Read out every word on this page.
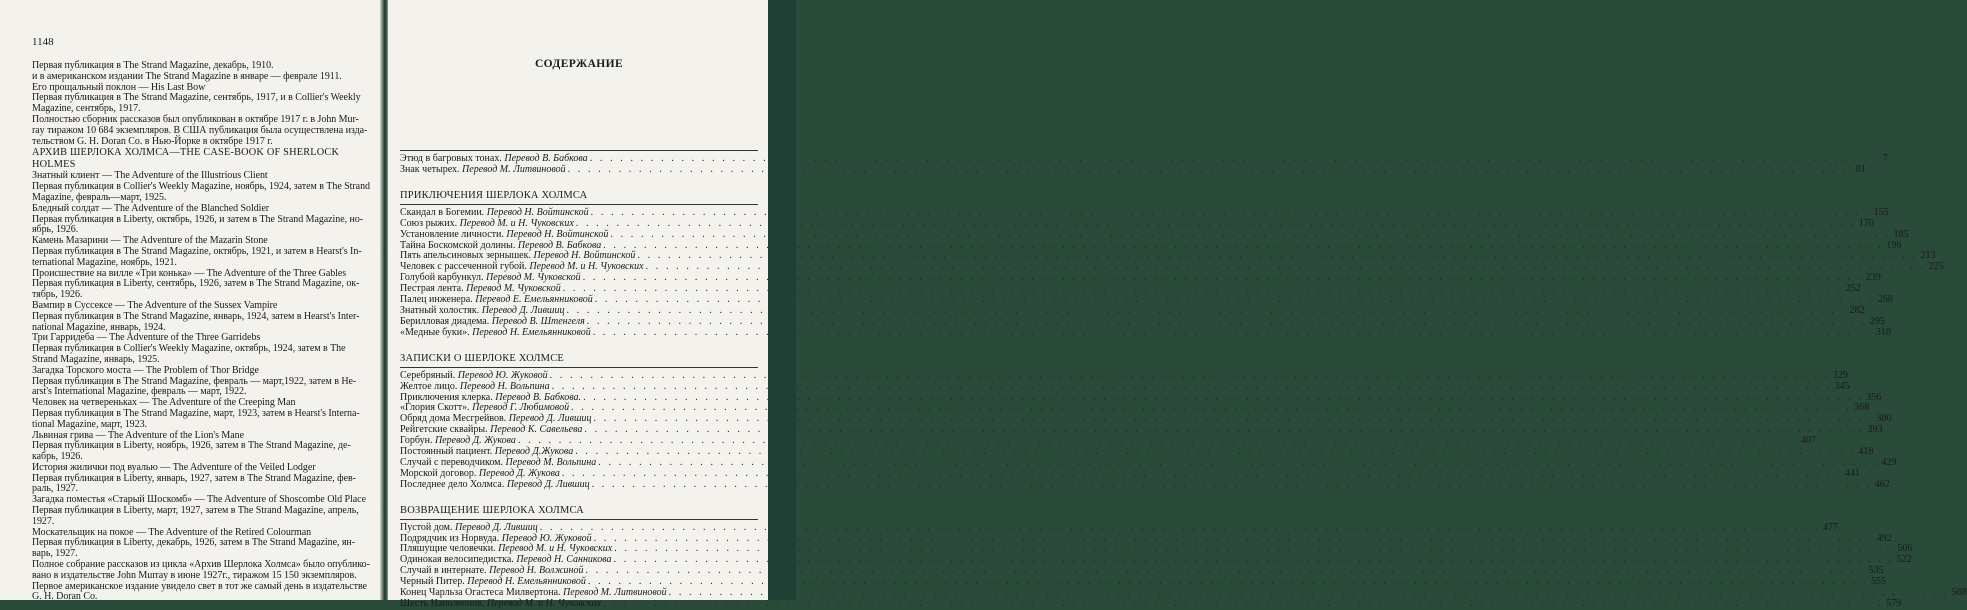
1148

Первая публикация в The Strand Magazine, декабрь, 1910.

и в американском издании The Strand Magazine в январе — феврале 1911.

Его прощальный поклон — His Last Bow

Первая публикация в The Strand Magazine, сентябрь, 1917, и в Collier's Weekly

Magazine, сентябрь, 1917.

Полностью сборник рассказов был опубликован в октябре 1917 г. в John Mur-

ray тиражом 10 684 экземпляров. В США публикация была осуществлена изда-

тельством G. H. Doran Co. в Нью-Йорке в октябре 1917 г.

АРХИВ ШЕРЛОКА ХОЛМСА—THE CASE-BOOK OF SHERLOCK HOLMES

Знатный клиент — The Adventure of the Illustrious Client

Первая публикация в Collier's Weekly Magazine, ноябрь, 1924, затем в The Strand

Magazine, февраль—март, 1925.

Бледный солдат — The Adventure of the Blanched Soldier

Первая публикация в Liberty, октябрь, 1926, и затем в The Strand Magazine, но-

ябрь, 1926.

Камень Мазарини — The Adventure of the Mazarin Stone

Первая публикация в The Strand Magazine, октябрь, 1921, и затем в Hearst's In-

ternational Magazine, ноябрь, 1921.

Происшествие на вилле «Три конька» — The Adventure of the Three Gables

Первая публикация в Liberty, сентябрь, 1926, затем в The Strand Magazine, ок-

тябрь, 1926.

Вампир в Суссексе — The Adventure of the Sussex Vampire

Первая публикация в The Strand Magazine, январь, 1924, затем в Hearst's Inter-

national Magazine, январь, 1924.

Три Гарридеба — The Adventure of the Three Garridebs

Первая публикация в Collier's Weekly Magazine, октябрь, 1924, затем в The

Strand Magazine, январь, 1925.

Загадка Торского моста — The Problem of Thor Bridge

Первая публикация в The Strand Magazine, февраль — март,1922, затем в He-

arst's International Magazine, февраль — март, 1922.

Человек на четвереньках — The Adventure of the Creeping Man

Первая публикация в The Strand Magazine, март, 1923, затем в Hearst's Interna-

tional Magazine, март, 1923.

Львиная грива — The Adventure of the Lion's Mane

Первая публикация в Liberty, ноябрь, 1926, затем в The Strand Magazine, де-

кабрь, 1926.

История жилички под вуалью — The Adventure of the Veiled Lodger

Первая публикация в Liberty, январь, 1927, затем в The Strand Magazine, фев-

раль, 1927.

Загадка поместья «Старый Шоскомб» — The Adventure of Shoscombe Old Place

Первая публикация в Liberty, март, 1927, затем в The Strand Magazine, апрель,

1927.

Москательщик на покое — The Adventure of the Retired Colourman

Первая публикация в Liberty, декабрь, 1926, затем в The Strand Magazine, ян-

варь, 1927.

Полное собрание рассказов из цикла «Архив Шерлока Холмса» было опублико-

вано в издательстве John Murray в июне 1927г., тиражом 15 150 экземпляров.

Первое американское издание увидело свет в тот же самый день в издательстве

G. H. Doran Co.

СОДЕРЖАНИЕ
Этюд в багровых тонах. Перевод В. Бабкова . . .	7
Знак четырех. Перевод М. Литвиновой . . .	81
ПРИКЛЮЧЕНИЯ ШЕРЛОКА ХОЛМСА
Скандал в Богемии. Перевод Н. Войтинской . . .	155
Союз рыжих. Перевод М. и Н. Чуковских . . .	170
Установление личности. Перевод Н. Войтинской . . .	185
Тайна Боскомской долины. Перевод В. Бабкова . . .	196
Пять апельсиновых зернышек. Перевод Н. Войтинской . . .	213
Человек с рассеченной губой. Перевод М. и Н. Чуковских . . .	225
Голубой карбункул. Перевод М. Чуковской . . .	239
Пестрая лента. Перевод М. Чуковской . . .	252
Палец инженера. Перевод Е. Емельянниковой . . .	268
Знатный холостяк. Перевод Д. Лившиц . . .	282
Берилловая диадема. Перевод В. Штенгеля . . .	295
«Медные буки». Перевод Н. Емельянниковой . . .	310
ЗАПИСКИ О ШЕРЛОКЕ ХОЛМСЕ
Серебряный. Перевод Ю. Жуковой . . .	329
Желтое лицо. Перевод Н. Вольпина . . .	345
Приключения клерка. Перевод В. Бабкова. . . .	356
«Глория Скотт». Перевод Г. Любимовой . . .	368
Обряд дома Месгрейвов. Перевод Д. Лившиц . . .	380
Рейгетские сквайры. Перевод К. Савельева . . .	393
Горбун. Перевод Д. Жукова . . .	407
Постоянный пациент. Перевод Д.Жукова . . .	418
Случай с переводчиком. Перевод М. Вольпина . . .	429
Морской договор. Перевод Д. Жукова . . .	441
Последнее дело Холмса. Перевод Д. Лившиц . . .	462
ВОЗВРАЩЕНИЕ ШЕРЛОКА ХОЛМСА
Пустой дом. Перевод Д. Лившиц . . .	477
Подрядчик из Норвуда. Перевод Ю. Жуковой . . .	492
Пляшущие человечки. Перевод М. и Н. Чуковских . . .	506
Одинокая велосипедистка. Перевод Н. Санникова . . .	522
Случай в интернате. Перевод Н. Волжиной . . .	535
Черный Питер. Перевод Н. Емельянниковой . . .	555
Конец Чарльза Огастеса Милвертона. Перевод М. Литвиновой . . .	568
Шесть Наполеонов. Перевод М. и Н. Чуковских . . .	579
